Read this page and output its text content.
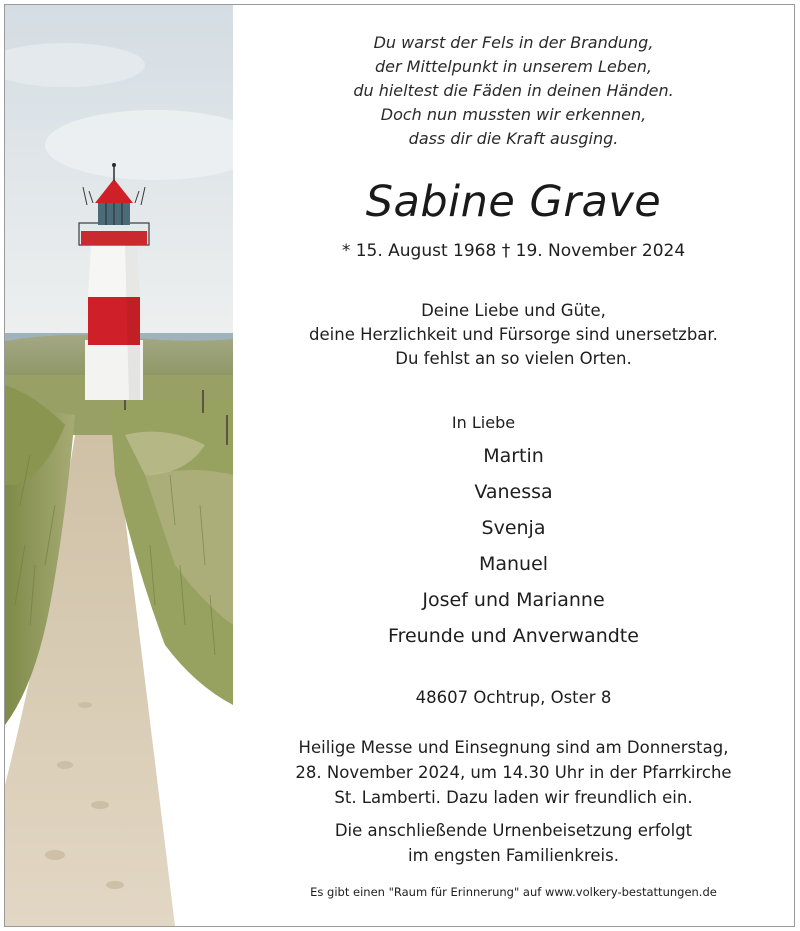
Du warst der Fels in der Brandung,
der Mittelpunkt in unserem Leben,
du hieltest die Fäden in deinen Händen.
Doch nun mussten wir erkennen,
dass dir die Kraft ausging.
Sabine Grave
* 15. August 1968 † 19. November 2024
Deine Liebe und Güte,
deine Herzlichkeit und Fürsorge sind unersetzbar.
Du fehlst an so vielen Orten.
In Liebe
Martin
Vanessa
Svenja
Manuel
Josef und Marianne
Freunde und Anverwandte
48607 Ochtrup, Oster 8
Heilige Messe und Einsegnung sind am Donnerstag,
28. November 2024, um 14.30 Uhr in der Pfarrkirche
St. Lamberti. Dazu laden wir freundlich ein.
Die anschließende Urnenbeisetzung erfolgt
im engsten Familienkreis.
Es gibt einen "Raum für Erinnerung" auf www.volkery-bestattungen.de
